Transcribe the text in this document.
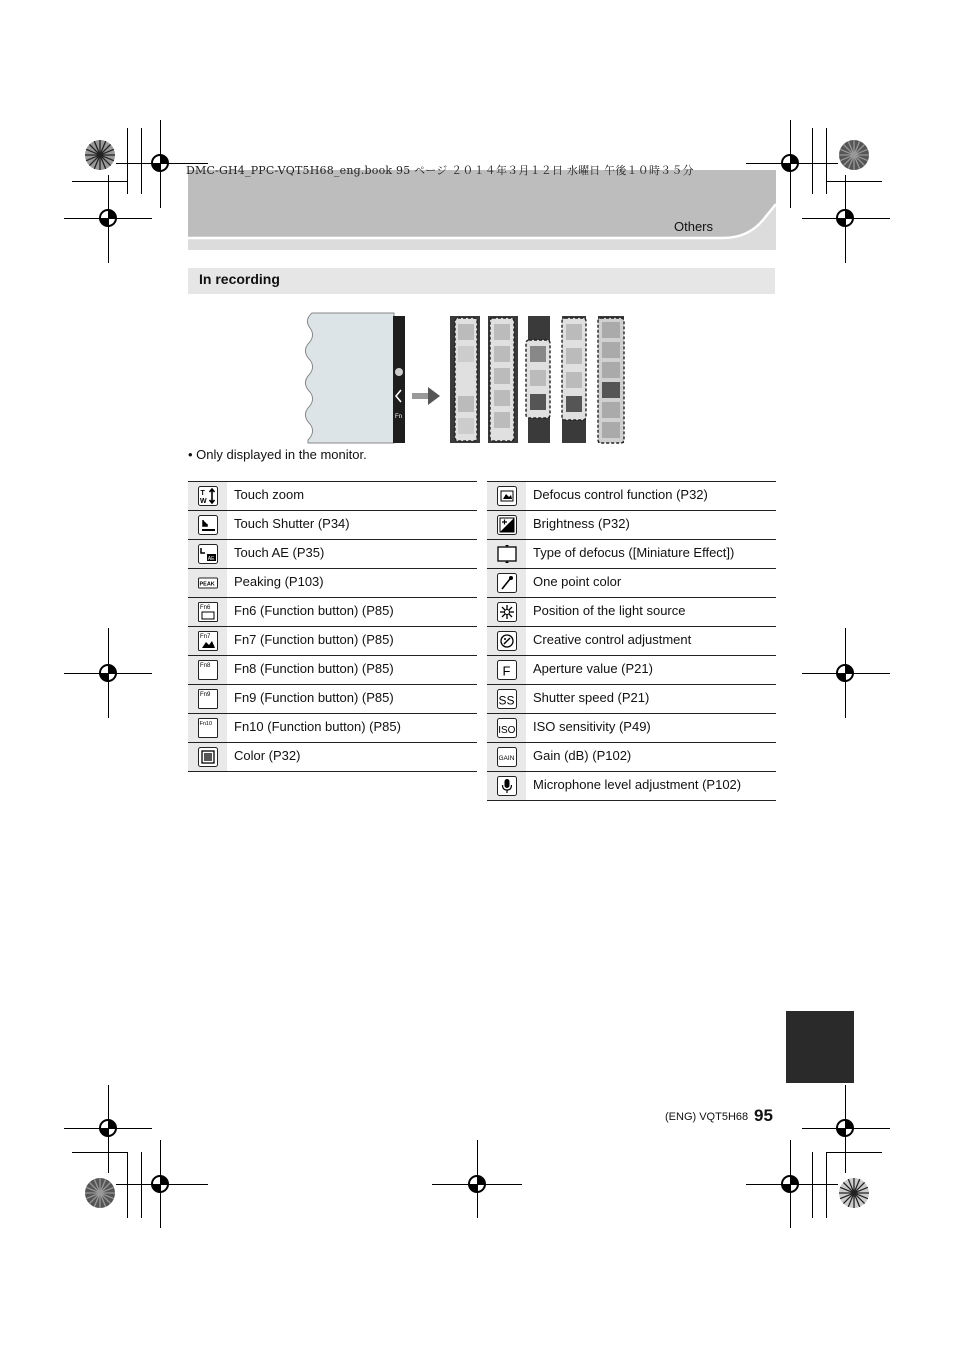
DMC-GH4_PPC-VQT5H68_eng.book 95 ページ ２０１４年３月１２日 水曜日 午後１０時３５分
Others
In recording
Fn
• Only displayed in the monitor.
T
W Touch zoom
Touch Shutter (P34)
AE Touch AE (P35)
PEAK Peaking (P103)
Fn6 Fn6 (Function button) (P85)
Fn7 Fn7 (Function button) (P85)
Fn8 Fn8 (Function button) (P85)
Fn9 Fn9 (Function button) (P85)
Fn10 Fn10 (Function button) (P85)
Color (P32)
Defocus control function (P32)
Brightness (P32)
Type of defocus ([Miniature Effect])
One point color
Position of the light source
Creative control adjustment
F Aperture value (P21)
SS Shutter speed (P21)
ISO ISO sensitivity (P49)
GAIN Gain (dB) (P102)
Microphone level adjustment (P102)
(ENG) VQT5H68 95
